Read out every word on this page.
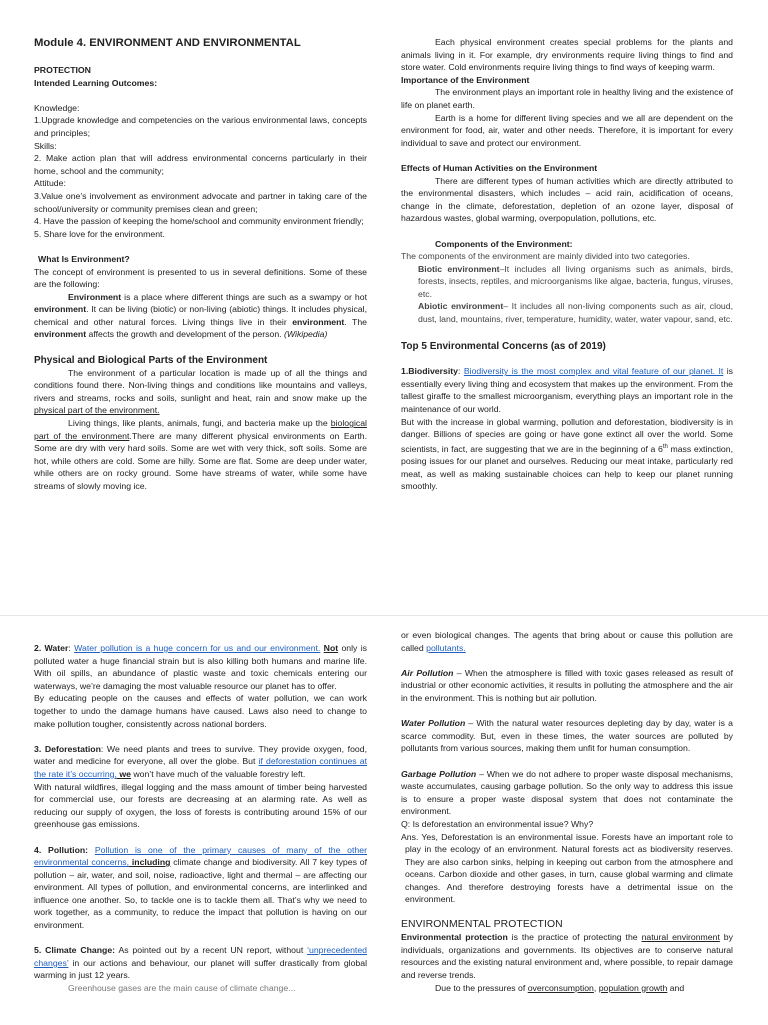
Module 4. ENVIRONMENT AND ENVIRONMENTAL

PROTECTION

Intended Learning Outcomes:

Knowledge:

1.Upgrade knowledge and competencies on the various environmental laws, concepts and principles;

Skills:

2. Make action plan that will address environmental concerns particularly in their home, school and the community;

Attitude:

3.Value one’s involvement as environment advocate and partner in taking care of the school/university or community premises clean and green;

4. Have the passion of keeping the home/school and community environment friendly;

5. Share love for the environment.

What Is Environment?

The concept of environment is presented to us in several definitions. Some of these are the following:

Environment is a place where different things are such as a swampy or hot environment. It can be living (biotic) or non-living (abiotic) things. It includes physical, chemical and other natural forces. Living things live in their environment. The environment affects the growth and development of the person. (Wikipedia)

Physical and Biological Parts of the Environment

The environment of a particular location is made up of all the things and conditions found there. Non-living things and conditions like mountains and valleys, rivers and streams, rocks and soils, sunlight and heat, rain and snow make up the physical part of the environment.

Living things, like plants, animals, fungi, and bacteria make up the biological part of the environment.There are many different physical environments on Earth. Some are dry with very hard soils. Some are wet with very thick, soft soils. Some are hot, while others are cold. Some are hilly. Some are flat. Some are deep under water, while others are on rocky ground. Some have streams of water, while some have streams of slowly moving ice.

Each physical environment creates special problems for the plants and animals living in it. For example, dry environments require living things to find and store water. Cold environments require living things to find ways of keeping warm.

Importance of the Environment

The environment plays an important role in healthy living and the existence of life on planet earth.

Earth is a home for different living species and we all are dependent on the environment for food, air, water and other needs. Therefore, it is important for every individual to save and protect our environment.

Effects of Human Activities on the Environment

There are different types of human activities which are directly attributed to the environmental disasters, which includes – acid rain, acidification of oceans, change in the climate, deforestation, depletion of an ozone layer, disposal of hazardous wastes, global warming, overpopulation, pollutions, etc.

Components of the Environment:

The components of the environment are mainly divided into two categories.

Biotic environment–It includes all living organisms such as animals, birds, forests, insects, reptiles, and microorganisms like algae, bacteria, fungus, viruses, etc.

Abiotic environment– It includes all non-living components such as air, cloud, dust, land, mountains, river, temperature, humidity, water, water vapour, sand, etc.

Top 5 Environmental Concerns (as of 2019)

1.Biodiversity: Biodiversity is the most complex and vital feature of our planet. It is essentially every living thing and ecosystem that makes up the environment. From the tallest giraffe to the smallest microorganism, everything plays an important role in the maintenance of our world.

But with the increase in global warming, pollution and deforestation, biodiversity is in danger. Billions of species are going or have gone extinct all over the world. Some scientists, in fact, are suggesting that we are in the beginning of a 6th mass extinction, posing issues for our planet and ourselves. Reducing our meat intake, particularly red meat, as well as making sustainable choices can help to keep our planet running smoothly.

2. Water: Water pollution is a huge concern for us and our environment. Not only is polluted water a huge financial strain but is also killing both humans and marine life. With oil spills, an abundance of plastic waste and toxic chemicals entering our waterways, we’re damaging the most valuable resource our planet has to offer.

By educating people on the causes and effects of water pollution, we can work together to undo the damage humans have caused. Laws also need to change to make pollution tougher, consistently across national borders.

3. Deforestation: We need plants and trees to survive. They provide oxygen, food, water and medicine for everyone, all over the globe. But if deforestation continues at the rate it’s occurring, we won’t have much of the valuable forestry left.

With natural wildfires, illegal logging and the mass amount of timber being harvested for commercial use, our forests are decreasing at an alarming rate. As well as reducing our supply of oxygen, the loss of forests is contributing around 15% of our greenhouse gas emissions.

4. Pollution: Pollution is one of the primary causes of many of the other environmental concerns, including climate change and biodiversity. All 7 key types of pollution – air, water, and soil, noise, radioactive, light and thermal – are affecting our environment. All types of pollution, and environmental concerns, are interlinked and influence one another. So, to tackle one is to tackle them all. That’s why we need to work together, as a community, to reduce the impact that pollution is having on our environment.

5. Climate Change: As pointed out by a recent UN report, without ‘unprecedented changes’ in our actions and behaviour, our planet will suffer drastically from global warming in just 12 years.

Greenhouse gases are the main cause of climate change...

or even biological changes. The agents that bring about or cause this pollution are called pollutants.

Air Pollution – When the atmosphere is filled with toxic gases released as result of industrial or other economic activities, it results in polluting the atmosphere and the air in the environment. This is nothing but air pollution.

Water Pollution – With the natural water resources depleting day by day, water is a scarce commodity. But, even in these times, the water sources are polluted by pollutants from various sources, making them unfit for human consumption.

Garbage Pollution – When we do not adhere to proper waste disposal mechanisms, waste accumulates, causing garbage pollution. So the only way to address this issue is to ensure a proper waste disposal system that does not contaminate the environment.

Q: Is deforestation an environmental issue? Why?

Ans. Yes, Deforestation is an environmental issue. Forests have an important role to play in the ecology of an environment. Natural forests act as biodiversity reserves. They are also carbon sinks, helping in keeping out carbon from the atmosphere and oceans. Carbon dioxide and other gases, in turn, cause global warming and climate changes. And therefore destroying forests have a detrimental issue on the environment.

ENVIRONMENTAL PROTECTION

Environmental protection is the practice of protecting the natural environment by individuals, organizations and governments. Its objectives are to conserve natural resources and the existing natural environment and, where possible, to repair damage and reverse trends.

Due to the pressures of overconsumption, population growth and
